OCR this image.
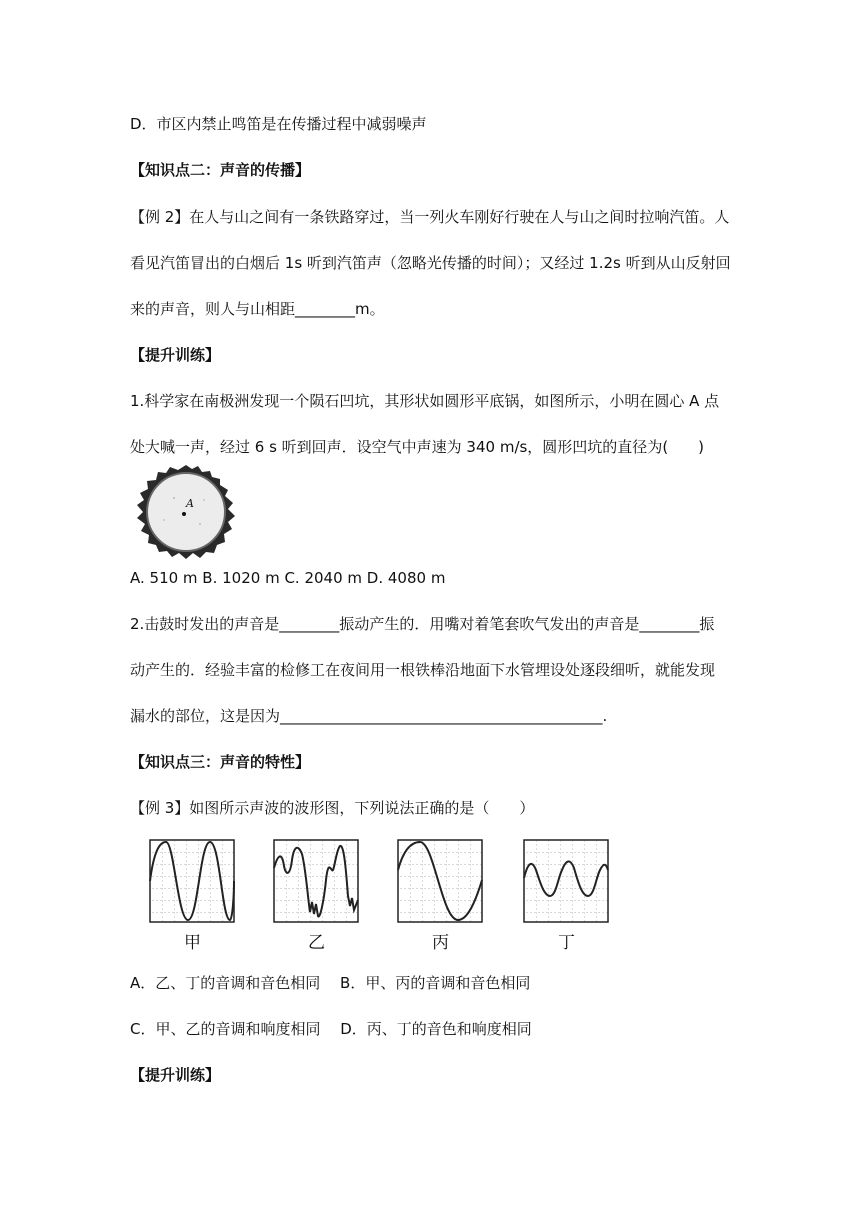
D．市区内禁止鸣笛是在传播过程中减弱噪声
【知识点二：声音的传播】
【例 2】在人与山之间有一条铁路穿过，当一列火车刚好行驶在人与山之间时拉响汽笛。人
看见汽笛冒出的白烟后 1s 听到汽笛声（忽略光传播的时间）；又经过 1.2s 听到从山反射回
来的声音，则人与山相距________m。
【提升训练】
1.科学家在南极洲发现一个陨石凹坑，其形状如圆形平底锅，如图所示，小明在圆心 A 点
处大喊一声，经过 6 s 听到回声．设空气中声速为 340 m/s，圆形凹坑的直径为(　　)
A
A. 510 m B. 1020 m C. 2040 m D. 4080 m
2.击鼓时发出的声音是________振动产生的．用嘴对着笔套吹气发出的声音是________振
动产生的．经验丰富的检修工在夜间用一根铁棒沿地面下水管埋设处逐段细听，就能发现
漏水的部位，这是因为___________________________________________.
【知识点三：声音的特性】
【例 3】如图所示声波的波形图，下列说法正确的是（　　）
甲	乙	丙	丁
A．乙、丁的音调和音色相同　 B．甲、丙的音调和音色相同
C．甲、乙的音调和响度相同　 D．丙、丁的音色和响度相同
【提升训练】
